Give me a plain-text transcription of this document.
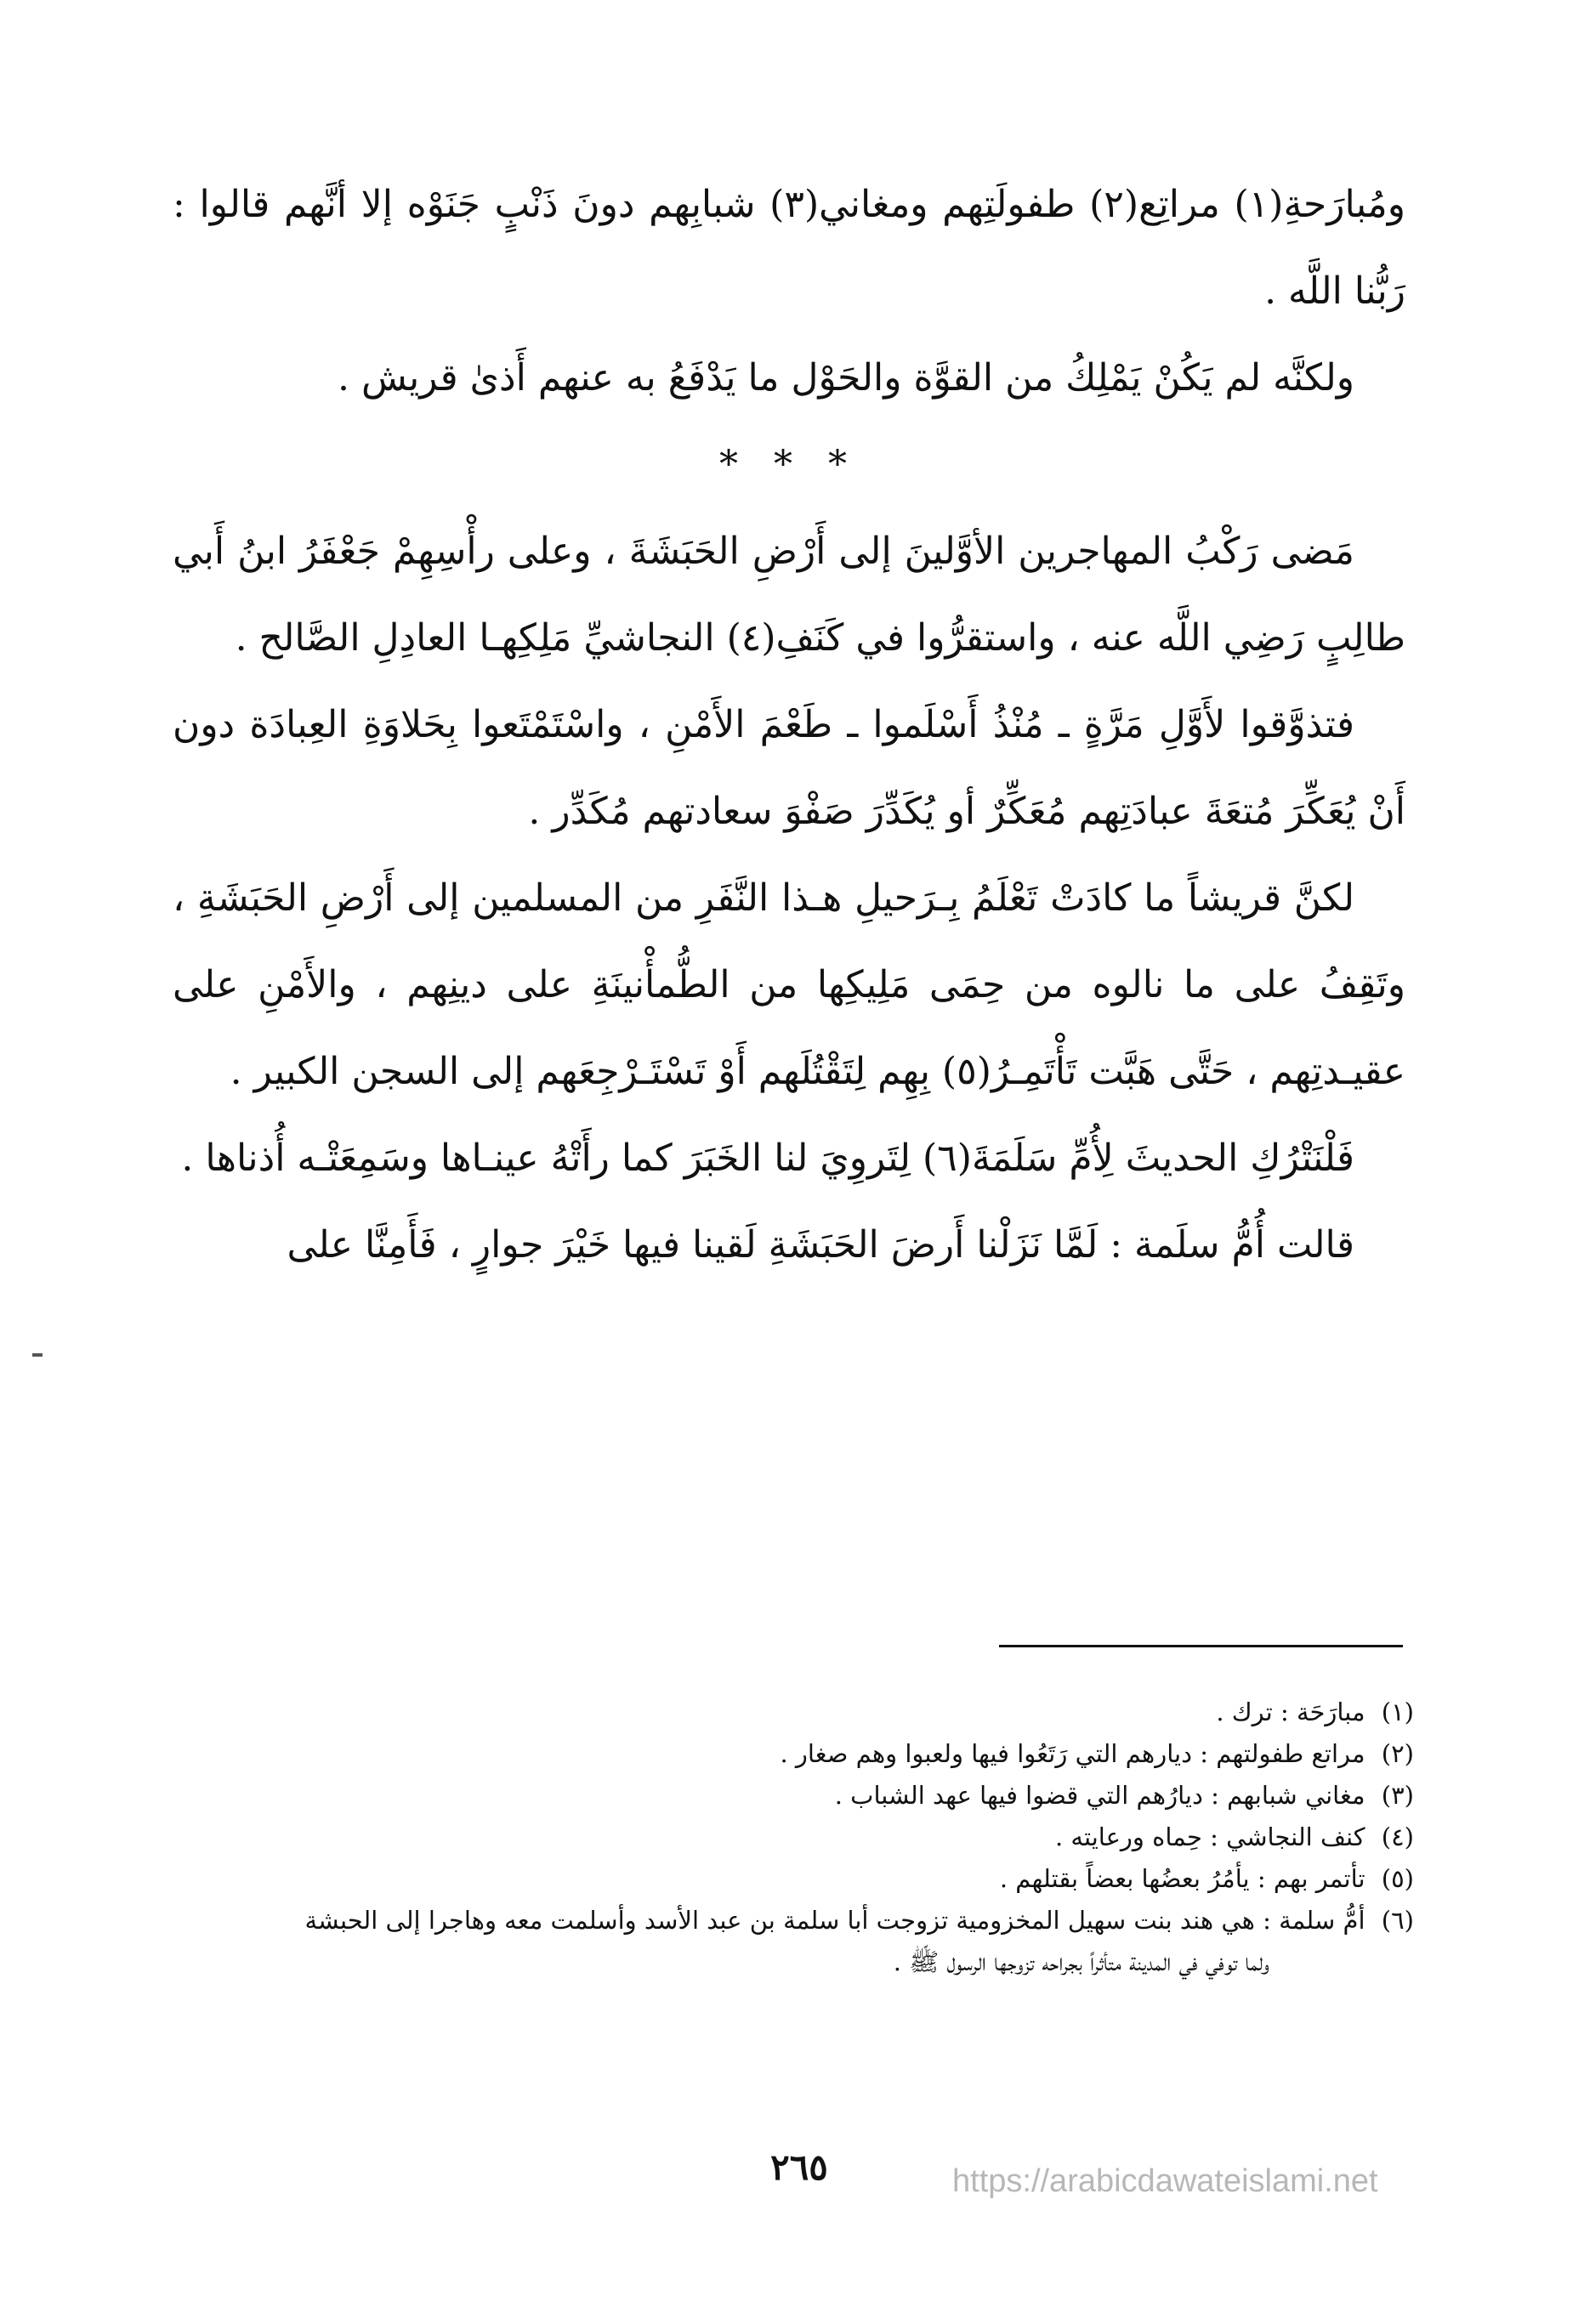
ومُبارَحةِ(١) مراتِع(٢) طفولَتِهم ومغاني(٣) شبابِهم دونَ ذَنْبٍ جَنَوْه إلا أنَّهم قالوا : رَبُّنا اللَّه .

ولكنَّه لم يَكُنْ يَمْلِكُ من القوَّة والحَوْل ما يَدْفَعُ به عنهم أَذىٰ قريش .

* * *

مَضى رَكْبُ المهاجرين الأوَّلينَ إلى أَرْضِ الحَبَشَةَ ، وعلى رأْسِهِمْ جَعْفَرُ ابنُ أَبي طالِبٍ رَضِي اللَّه عنه ، واستقرُّوا في كَنَفِ(٤) النجاشيِّ مَلِكِهـا العادِلِ الصَّالح .

فتذوَّقوا لأَوَّلِ مَرَّةٍ ـ مُنْذُ أَسْلَموا ـ طَعْمَ الأَمْنِ ، واسْتَمْتَعوا بِحَلاوَةِ العِبادَة دون أَنْ يُعَكِّرَ مُتعَةَ عبادَتِهم مُعَكِّرٌ أو يُكَدِّرَ صَفْوَ سعادتهم مُكَدِّر .

لكنَّ قريشاً ما كادَتْ تَعْلَمُ بِـرَحيلِ هـذا النَّفَرِ من المسلمين إلى أَرْضِ الحَبَشَةِ ، وتَقِفُ على ما نالوه من حِمَى مَلِيكِها من الطُّمأْنينَةِ على دينِهم ، والأَمْنِ على عقيـدتِهم ، حَتَّى هَبَّت تَأْتَمِـرُ(٥) بِهِم لِتَقْتُلَهم أَوْ تَسْتَـرْجِعَهم إلى السجن الكبير .

فَلْنَتْرُكِ الحديثَ لِأُمِّ سَلَمَةَ(٦) لِتَروِيَ لنا الخَبَرَ كما رأَتْهُ عينـاها وسَمِعَتْـه أُذناها .

قالت أُمُّ سلَمة : لَمَّا نَزَلْنا أَرضَ الحَبَشَةِ لَقينا فيها خَيْرَ جوارٍ ، فَأَمِنَّا على

(١) مبارَحَة : ترك .

(٢) مراتع طفولتهم : ديارهم التي رَتَعُوا فيها ولعبوا وهم صغار .

(٣) مغاني شبابهم : ديارُهم التي قضوا فيها عهد الشباب .

(٤) كنف النجاشي : حِماه ورعايته .

(٥) تأتمر بهم : يأمُرُ بعضُها بعضاً بقتلهم .

(٦) أمُّ سلمة : هي هند بنت سهيل المخزومية تزوجت أبا سلمة بن عبد الأسد وأسلمت معه وهاجرا إلى الحبشة

ولما توفي في المدينة متأثراً بجراحه تزوجها الرسول ﷺ .

٢٦٥	https://arabicdawateislami.net
